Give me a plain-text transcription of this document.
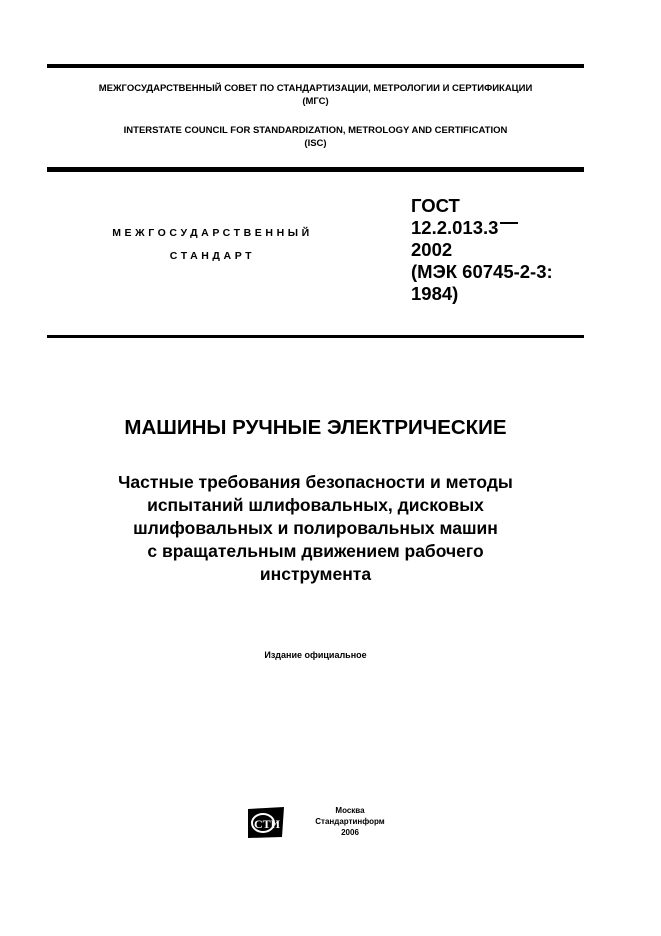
МЕЖГОСУДАРСТВЕННЫЙ СОВЕТ ПО СТАНДАРТИЗАЦИИ, МЕТРОЛОГИИ И СЕРТИФИКАЦИИ
(МГС)
INTERSTATE COUNCIL FOR STANDARDIZATION, METROLOGY AND CERTIFICATION
(ISC)
МЕЖГОСУДАРСТВЕННЫЙ
СТАНДАРТ
ГОСТ
12.2.013.3
2002
(МЭК 60745-2-3:
1984)
МАШИНЫ РУЧНЫЕ ЭЛЕКТРИЧЕСКИЕ
Частные требования безопасности и методы
испытаний шлифовальных, дисковых
шлифовальных и полировальных машин
с вращательным движением рабочего
инструмента
Издание официальное
СТИ
Москва
Стандартинформ
2006
